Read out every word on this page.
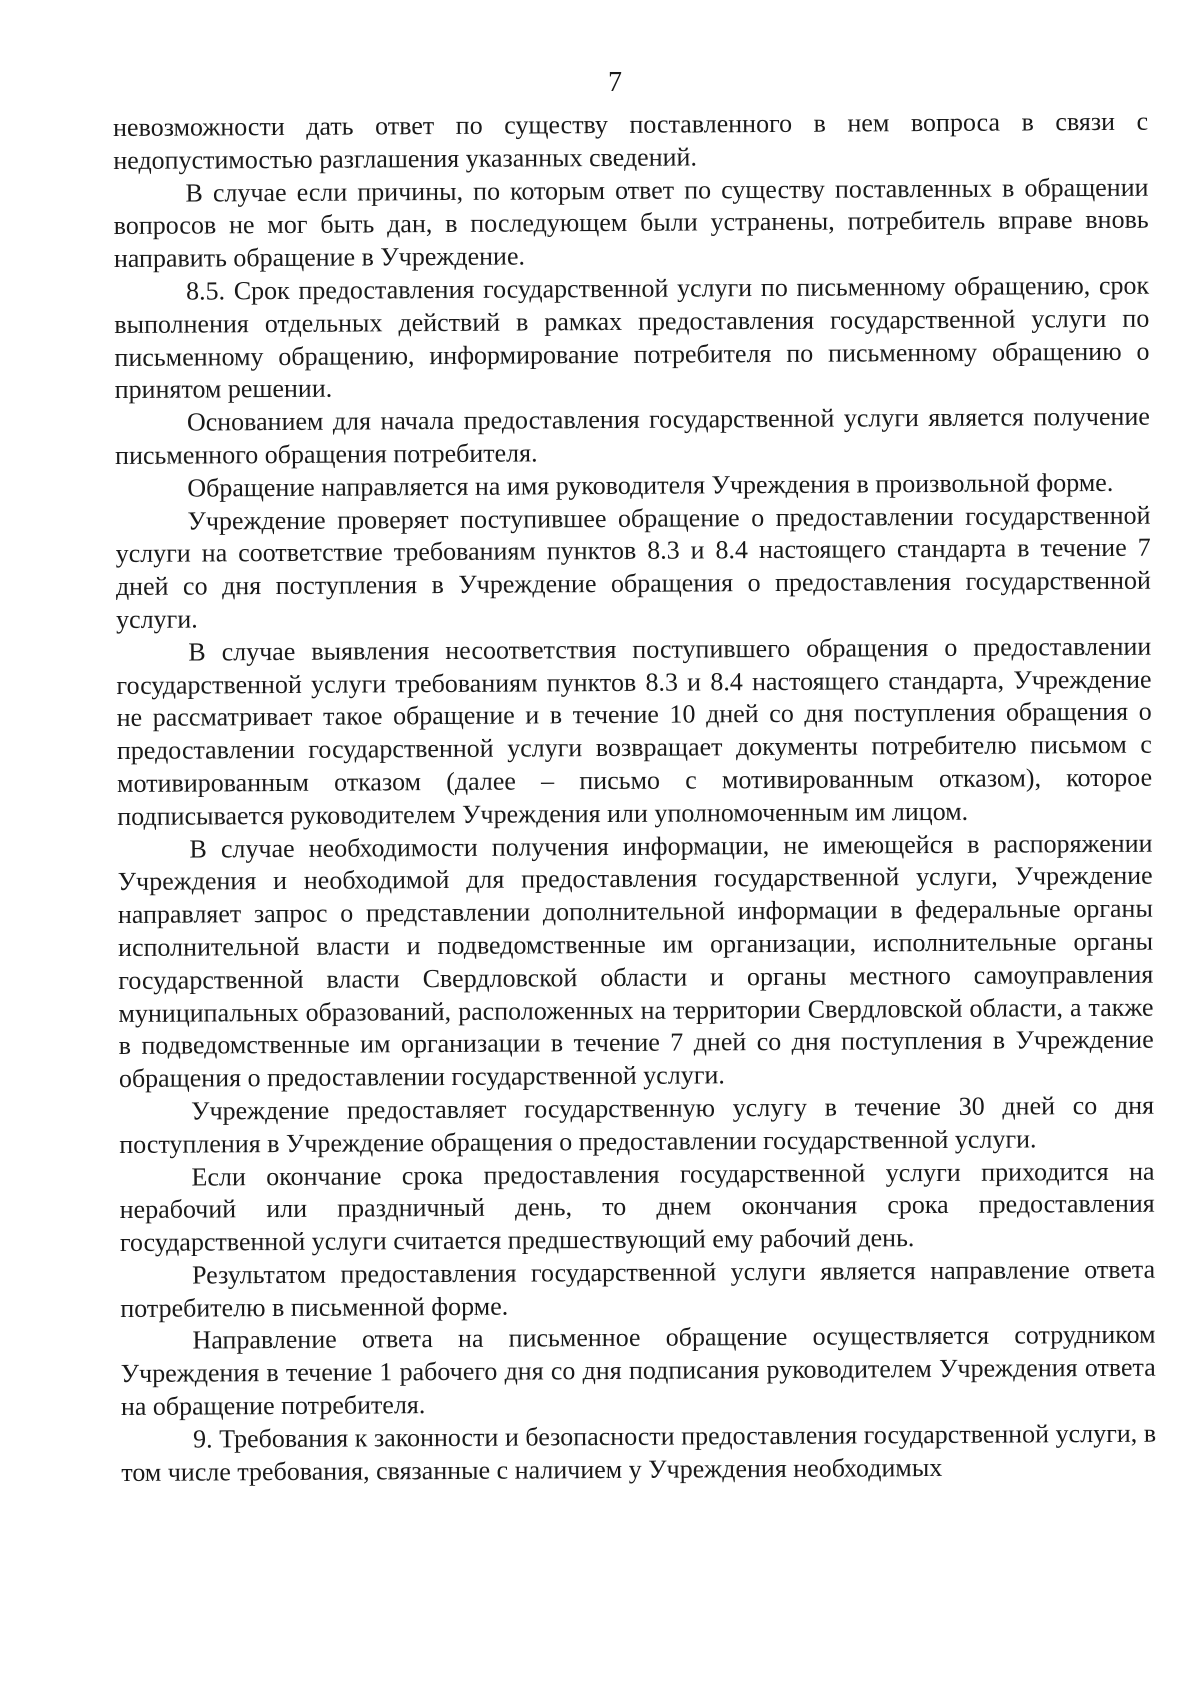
7

невозможности дать ответ по существу поставленного в нем вопроса в связи с недопустимостью разглашения указанных сведений.

В случае если причины, по которым ответ по существу поставленных в обращении вопросов не мог быть дан, в последующем были устранены, потребитель вправе вновь направить обращение в Учреждение.

8.5. Срок предоставления государственной услуги по письменному обращению, срок выполнения отдельных действий в рамках предоставления государственной услуги по письменному обращению, информирование потребителя по письменному обращению о принятом решении.

Основанием для начала предоставления государственной услуги является получение письменного обращения потребителя.

Обращение направляется на имя руководителя Учреждения в произвольной форме.

Учреждение проверяет поступившее обращение о предоставлении государственной услуги на соответствие требованиям пунктов 8.3 и 8.4 настоящего стандарта в течение 7 дней со дня поступления в Учреждение обращения о предоставления государственной услуги.

В случае выявления несоответствия поступившего обращения о предоставлении государственной услуги требованиям пунктов 8.3 и 8.4 настоящего стандарта, Учреждение не рассматривает такое обращение и в течение 10 дней со дня поступления обращения о предоставлении государственной услуги возвращает документы потребителю письмом с мотивированным отказом (далее – письмо с мотивированным отказом), которое подписывается руководителем Учреждения или уполномоченным им лицом.

В случае необходимости получения информации, не имеющейся в распоряжении Учреждения и необходимой для предоставления государственной услуги, Учреждение направляет запрос о представлении дополнительной информации в федеральные органы исполнительной власти и подведомственные им организации, исполнительные органы государственной власти Свердловской области и органы местного самоуправления муниципальных образований, расположенных на территории Свердловской области, а также в подведомственные им организации в течение 7 дней со дня поступления в Учреждение обращения о предоставлении государственной услуги.

Учреждение предоставляет государственную услугу в течение 30 дней со дня поступления в Учреждение обращения о предоставлении государственной услуги.

Если окончание срока предоставления государственной услуги приходится на нерабочий или праздничный день, то днем окончания срока предоставления государственной услуги считается предшествующий ему рабочий день.

Результатом предоставления государственной услуги является направление ответа потребителю в письменной форме.

Направление ответа на письменное обращение осуществляется сотрудником Учреждения в течение 1 рабочего дня со дня подписания руководителем Учреждения ответа на обращение потребителя.

9. Требования к законности и безопасности предоставления государственной услуги, в том числе требования, связанные с наличием у Учреждения необходимых
